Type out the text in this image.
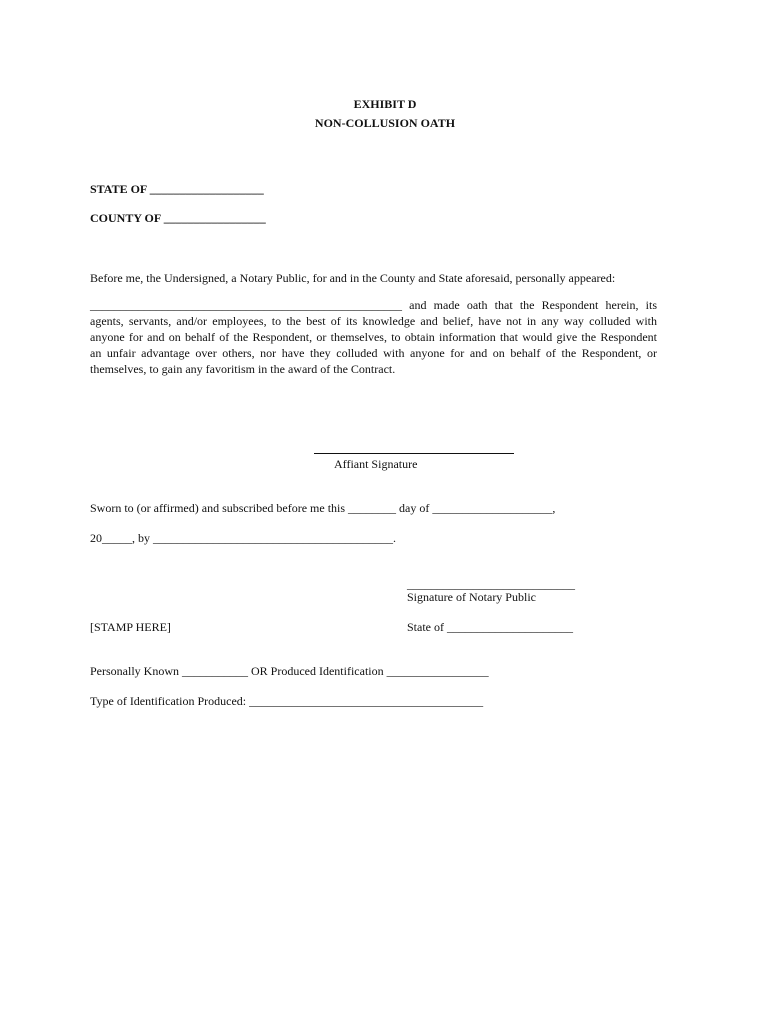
EXHIBIT D
NON-COLLUSION OATH
STATE OF ___________________
COUNTY OF _________________
Before me, the Undersigned, a Notary Public, for and in the County and State aforesaid, personally appeared:
____________________________________________________ and made oath that the Respondent herein, its
agents, servants, and/or employees, to the best of its knowledge and belief, have not in any way colluded with
anyone for and on behalf of the Respondent, or themselves, to obtain information that would give the Respondent
an unfair advantage over others, nor have they colluded with anyone for and on behalf of the Respondent, or
themselves, to gain any favoritism in the award of the Contract.
Affiant Signature
Sworn to (or affirmed) and subscribed before me this ________ day of ____________________,
20_____, by ________________________________________.
____________________________
Signature of Notary Public
[STAMP HERE]	State of _____________________
Personally Known ___________ OR Produced Identification _________________
Type of Identification Produced: _______________________________________
